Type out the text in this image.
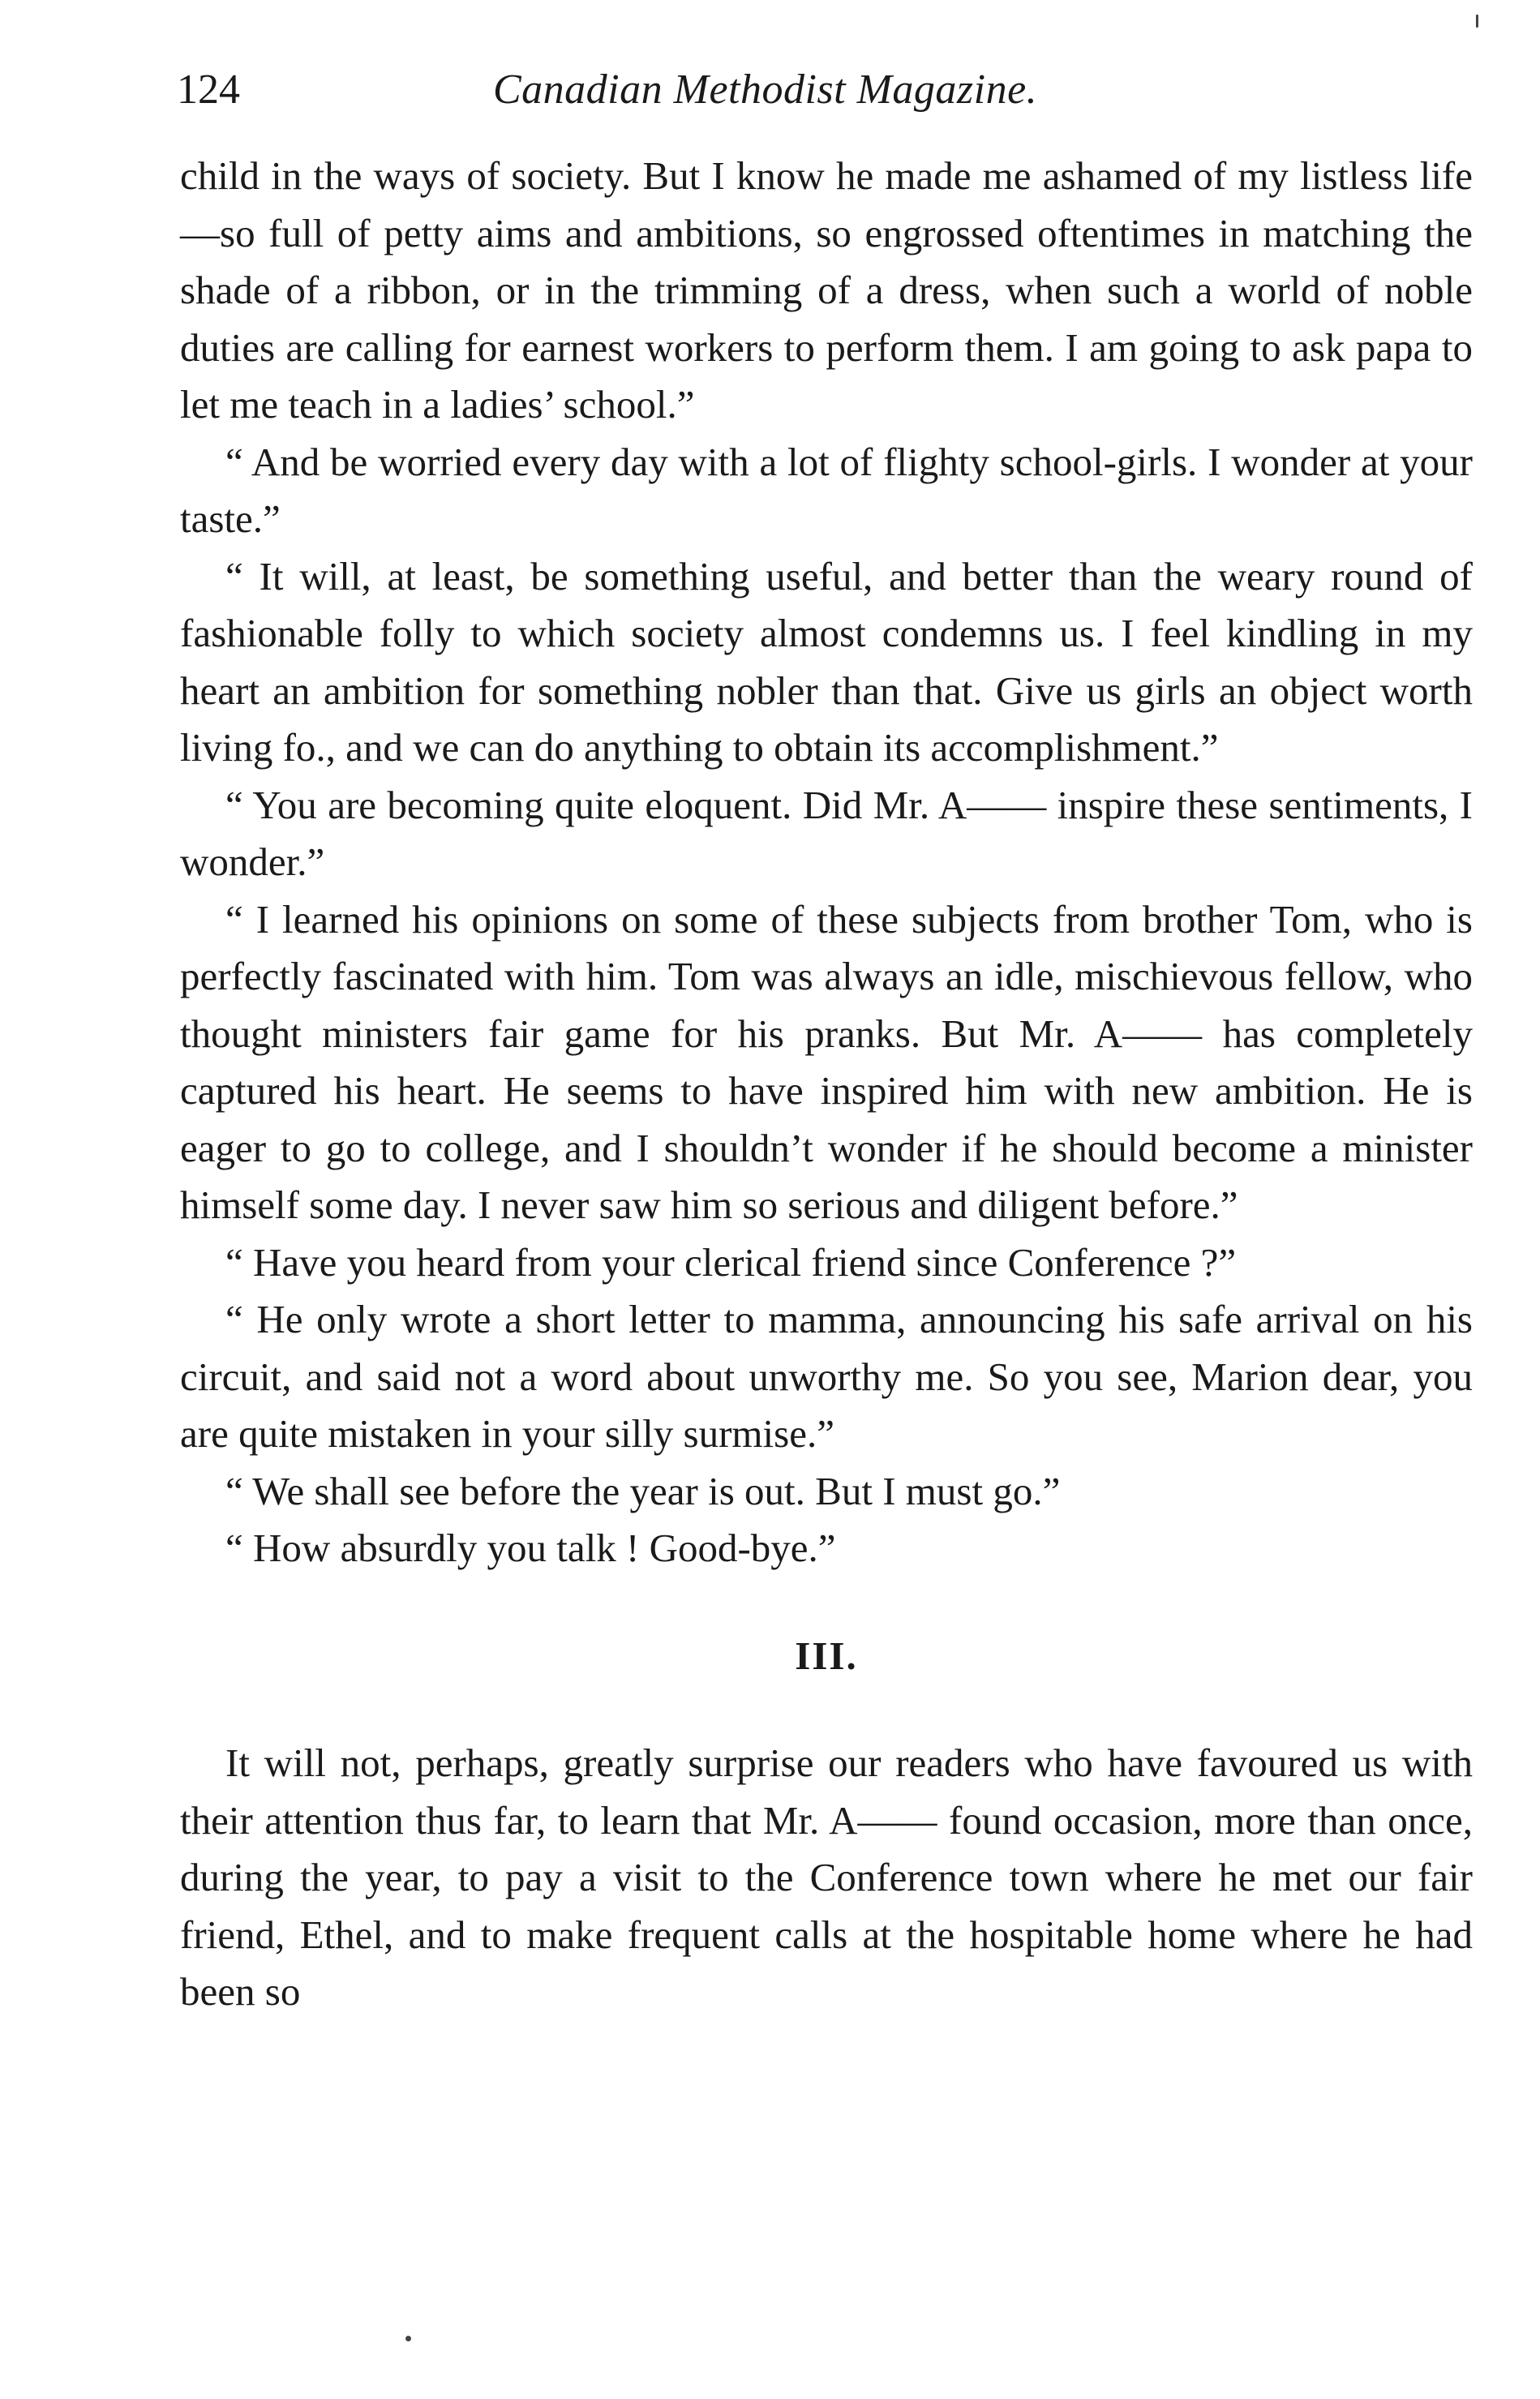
124	Canadian Methodist Magazine.

child in the ways of society. But I know he made me ashamed of my listless life—so full of petty aims and ambitions, so engrossed oftentimes in matching the shade of a ribbon, or in the trimming of a dress, when such a world of noble duties are calling for earnest workers to perform them. I am going to ask papa to let me teach in a ladies’ school.”

“ And be worried every day with a lot of flighty school-girls. I wonder at your taste.”

“ It will, at least, be something useful, and better than the weary round of fashionable folly to which society almost condemns us. I feel kindling in my heart an ambition for something nobler than that. Give us girls an object worth living fo., and we can do anything to obtain its accomplishment.”

“ You are becoming quite eloquent. Did Mr. A—— inspire these sentiments, I wonder.”

“ I learned his opinions on some of these subjects from brother Tom, who is perfectly fascinated with him. Tom was always an idle, mischievous fellow, who thought ministers fair game for his pranks. But Mr. A—— has completely captured his heart. He seems to have inspired him with new ambition. He is eager to go to college, and I shouldn’t wonder if he should become a minister himself some day. I never saw him so serious and diligent before.”

“ Have you heard from your clerical friend since Conference ?”

“ He only wrote a short letter to mamma, announcing his safe arrival on his circuit, and said not a word about unworthy me. So you see, Marion dear, you are quite mistaken in your silly surmise.”

“ We shall see before the year is out. But I must go.”

“ How absurdly you talk ! Good-bye.”

III.

It will not, perhaps, greatly surprise our readers who have favoured us with their attention thus far, to learn that Mr. A—— found occasion, more than once, during the year, to pay a visit to the Conference town where he met our fair friend, Ethel, and to make frequent calls at the hospitable home where he had been so
